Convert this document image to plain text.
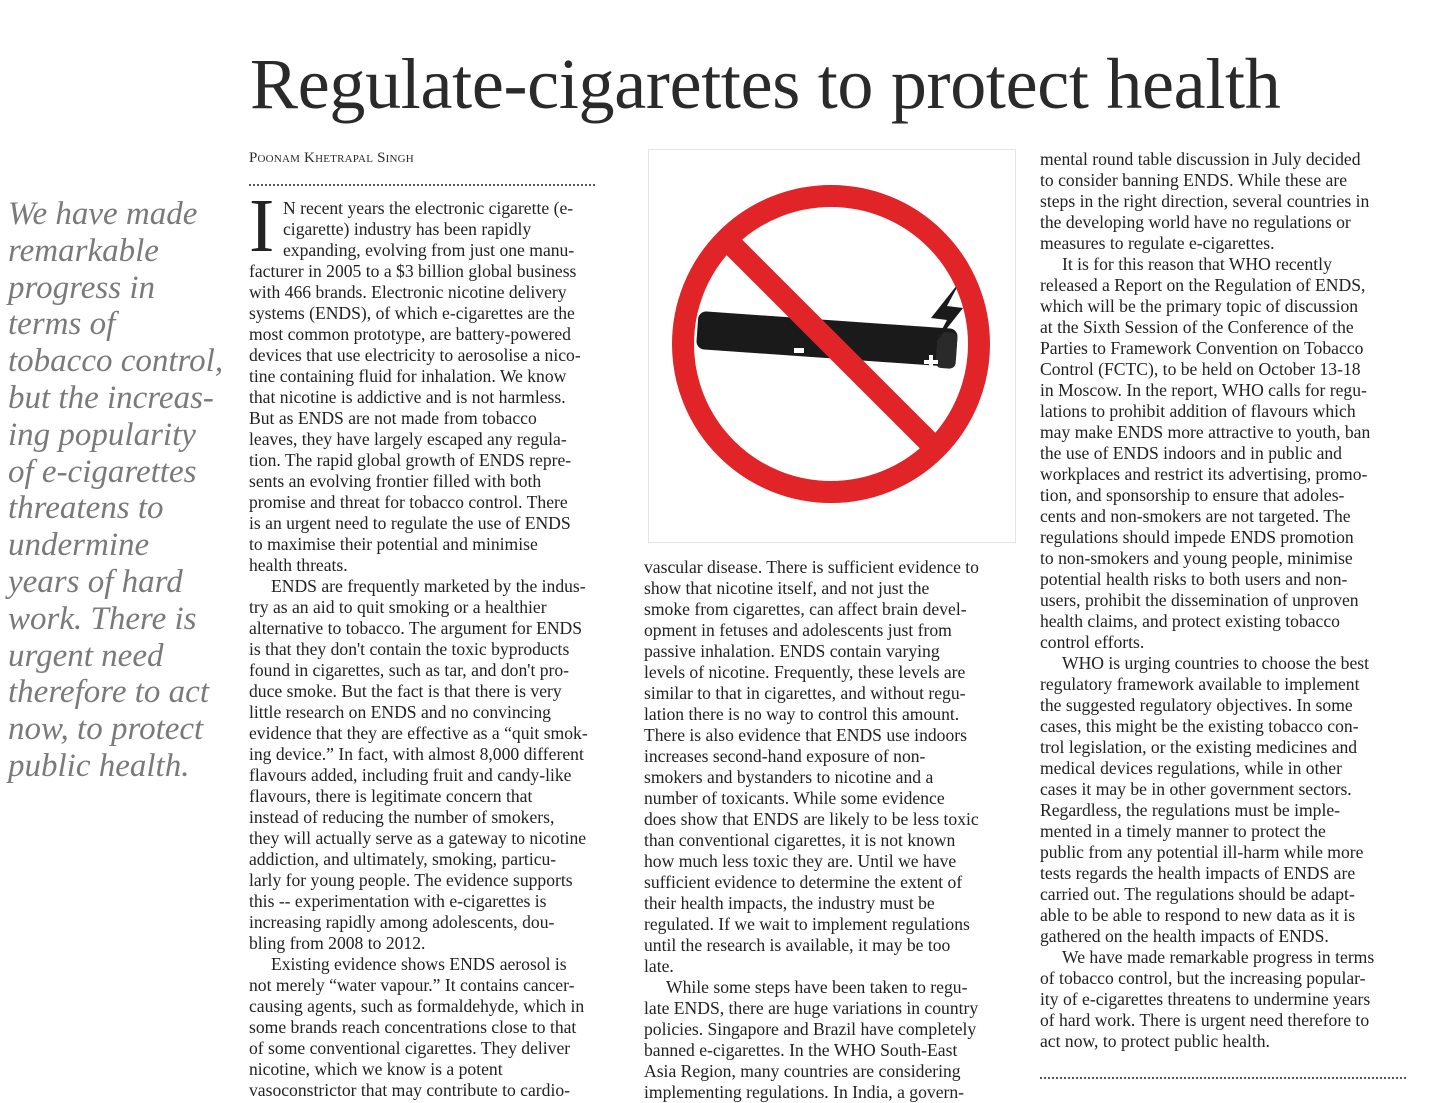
Regulate-cigarettes to protect health
We have made
remarkable
progress in
terms of
tobacco control,
but the increas-
ing popularity
of e-cigarettes
threatens to
undermine
years of hard
work. There is
urgent need
therefore to act
now, to protect
public health.
Poonam Khetrapal Singh
I N recent years the electronic cigarette (e-
cigarette) industry has been rapidly
expanding, evolving from just one manu-
facturer in 2005 to a $3 billion global business
with 466 brands. Electronic nicotine delivery
systems (ENDS), of which e-cigarettes are the
most common prototype, are battery-powered
devices that use electricity to aerosolise a nico-
tine containing fluid for inhalation. We know
that nicotine is addictive and is not harmless.
But as ENDS are not made from tobacco
leaves, they have largely escaped any regula-
tion. The rapid global growth of ENDS repre-
sents an evolving frontier filled with both
promise and threat for tobacco control. There
is an urgent need to regulate the use of ENDS
to maximise their potential and minimise
health threats.
ENDS are frequently marketed by the indus-
try as an aid to quit smoking or a healthier
alternative to tobacco. The argument for ENDS
is that they don't contain the toxic byproducts
found in cigarettes, such as tar, and don't pro-
duce smoke. But the fact is that there is very
little research on ENDS and no convincing
evidence that they are effective as a “quit smok-
ing device.” In fact, with almost 8,000 different
flavours added, including fruit and candy-like
flavours, there is legitimate concern that
instead of reducing the number of smokers,
they will actually serve as a gateway to nicotine
addiction, and ultimately, smoking, particu-
larly for young people. The evidence supports
this -- experimentation with e-cigarettes is
increasing rapidly among adolescents, dou-
bling from 2008 to 2012.
Existing evidence shows ENDS aerosol is
not merely “water vapour.” It contains cancer-
causing agents, such as formaldehyde, which in
some brands reach concentrations close to that
of some conventional cigarettes. They deliver
nicotine, which we know is a potent
vasoconstrictor that may contribute to cardio-
vascular disease. There is sufficient evidence to
show that nicotine itself, and not just the
smoke from cigarettes, can affect brain devel-
opment in fetuses and adolescents just from
passive inhalation. ENDS contain varying
levels of nicotine. Frequently, these levels are
similar to that in cigarettes, and without regu-
lation there is no way to control this amount.
There is also evidence that ENDS use indoors
increases second-hand exposure of non-
smokers and bystanders to nicotine and a
number of toxicants. While some evidence
does show that ENDS are likely to be less toxic
than conventional cigarettes, it is not known
how much less toxic they are. Until we have
sufficient evidence to determine the extent of
their health impacts, the industry must be
regulated. If we wait to implement regulations
until the research is available, it may be too
late.
While some steps have been taken to regu-
late ENDS, there are huge variations in country
policies. Singapore and Brazil have completely
banned e-cigarettes. In the WHO South-East
Asia Region, many countries are considering
implementing regulations. In India, a govern-
mental round table discussion in July decided
to consider banning ENDS. While these are
steps in the right direction, several countries in
the developing world have no regulations or
measures to regulate e-cigarettes.
It is for this reason that WHO recently
released a Report on the Regulation of ENDS,
which will be the primary topic of discussion
at the Sixth Session of the Conference of the
Parties to Framework Convention on Tobacco
Control (FCTC), to be held on October 13-18
in Moscow. In the report, WHO calls for regu-
lations to prohibit addition of flavours which
may make ENDS more attractive to youth, ban
the use of ENDS indoors and in public and
workplaces and restrict its advertising, promo-
tion, and sponsorship to ensure that adoles-
cents and non-smokers are not targeted. The
regulations should impede ENDS promotion
to non-smokers and young people, minimise
potential health risks to both users and non-
users, prohibit the dissemination of unproven
health claims, and protect existing tobacco
control efforts.
WHO is urging countries to choose the best
regulatory framework available to implement
the suggested regulatory objectives. In some
cases, this might be the existing tobacco con-
trol legislation, or the existing medicines and
medical devices regulations, while in other
cases it may be in other government sectors.
Regardless, the regulations must be imple-
mented in a timely manner to protect the
public from any potential ill-harm while more
tests regards the health impacts of ENDS are
carried out. The regulations should be adapt-
able to be able to respond to new data as it is
gathered on the health impacts of ENDS.
We have made remarkable progress in terms
of tobacco control, but the increasing popular-
ity of e-cigarettes threatens to undermine years
of hard work. There is urgent need therefore to
act now, to protect public health.
